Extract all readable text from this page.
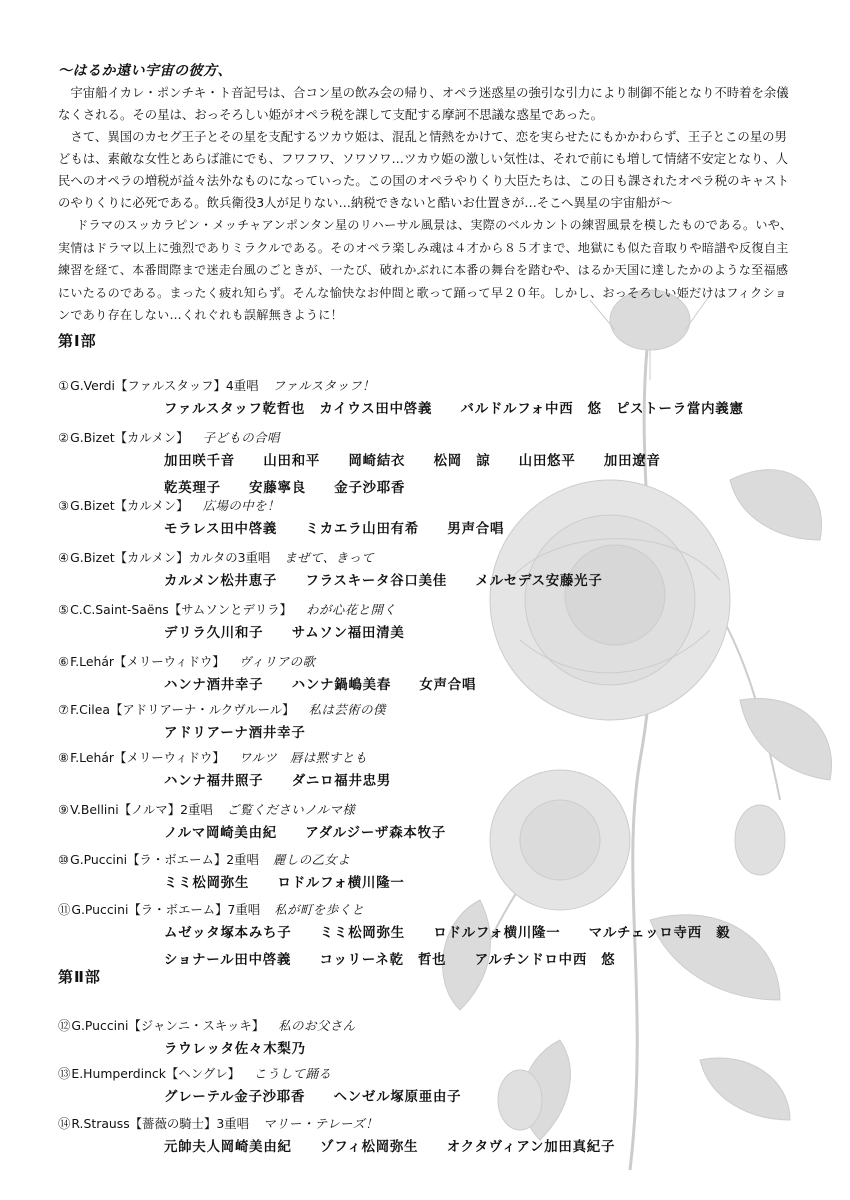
～はるか遠い宇宙の彼方、

宇宙船イカレ・ポンチキ・ト音記号は、合コン星の飲み会の帰り、オペラ迷惑星の強引な引力により制御不能となり不時着を余儀なくされる。その星は、おっそろしい姫がオペラ税を課して支配する摩訶不思議な惑星であった。

さて、異国のカセグ王子とその星を支配するツカウ姫は、混乱と情熱をかけて、恋を実らせたにもかかわらず、王子とこの星の男どもは、素敵な女性とあらば誰にでも、フワフワ、ソワソワ…ツカウ姫の激しい気性は、それで前にも増して情緒不安定となり、人民へのオペラの増税が益々法外なものになっていった。この国のオペラやりくり大臣たちは、この日も課されたオペラ税のキャストのやりくりに必死である。飲兵衛役3人が足りない…納税できないと酷いお仕置きが…そこへ異星の宇宙船が～

ドラマのスッカラピン・メッチャアンポンタン星のリハーサル風景は、実際のベルカントの練習風景を模したものである。いや、実情はドラマ以上に強烈でありミラクルである。そのオペラ楽しみ魂は４才から８５才まで、地獄にも似た音取りや暗譜や反復自主練習を経て、本番間際まで迷走台風のごときが、一たび、破れかぶれに本番の舞台を踏むや、はるか天国に達したかのような至福感にいたるのである。まったく疲れ知らず。そんな愉快なお仲間と歌って踊って早２０年。しかし、おっそろしい姫だけはフィクションであり存在しない…くれぐれも誤解無きように！

第Ⅰ部
①G.Verdi【ファルスタッフ】4重唱 ファルスタッフ！
ファルスタッフ乾哲也　カイウス田中啓義　　バルドルフォ中西　悠　ピストーラ當内義憲
②G.Bizet【カルメン】 子どもの合唱
加田咲千音　　山田和平　　岡崎結衣　　松岡　諒　　山田悠平　　加田遼音
乾英理子　　安藤寧良　　金子沙耶香
③G.Bizet【カルメン】 広場の中を！
モラレス田中啓義　　ミカエラ山田有希　　男声合唱
④G.Bizet【カルメン】カルタの3重唱 まぜて、きって
カルメン松井恵子　　フラスキータ谷口美佳　　メルセデス安藤光子
⑤C.C.Saint-Saëns【サムソンとデリラ】 わが心花と開く
デリラ久川和子　　サムソン福田清美
⑥F.Lehár【メリーウィドウ】 ヴィリアの歌
ハンナ酒井幸子　　ハンナ鍋嶋美春　　女声合唱
⑦F.Cilea【アドリアーナ・ルクヴルール】 私は芸術の僕
アドリアーナ酒井幸子
⑧F.Lehár【メリーウィドウ】 ワルツ　唇は黙すとも
ハンナ福井照子　　ダニロ福井忠男
⑨V.Bellini【ノルマ】2重唱 ご覧くださいノルマ様
ノルマ岡崎美由紀　　アダルジーザ森本牧子
⑩G.Puccini【ラ・ボエーム】2重唱 麗しの乙女よ
ミミ松岡弥生　　ロドルフォ横川隆一
⑪G.Puccini【ラ・ボエーム】7重唱 私が町を歩くと
ムゼッタ塚本みち子　　ミミ松岡弥生　　ロドルフォ横川隆一　　マルチェッロ寺西　毅
ショナール田中啓義　　コッリーネ乾　哲也　　アルチンドロ中西　悠
第Ⅱ部
⑫G.Puccini【ジャンニ・スキッキ】 私のお父さん
ラウレッタ佐々木梨乃
⑬E.Humperdinck【ヘングレ】 こうして踊る
グレーテル金子沙耶香　　ヘンゼル塚原亜由子
⑭R.Strauss【薔薇の騎士】3重唱 マリー・テレーズ！
元帥夫人岡崎美由紀　　ゾフィ松岡弥生　　オクタヴィアン加田真紀子
